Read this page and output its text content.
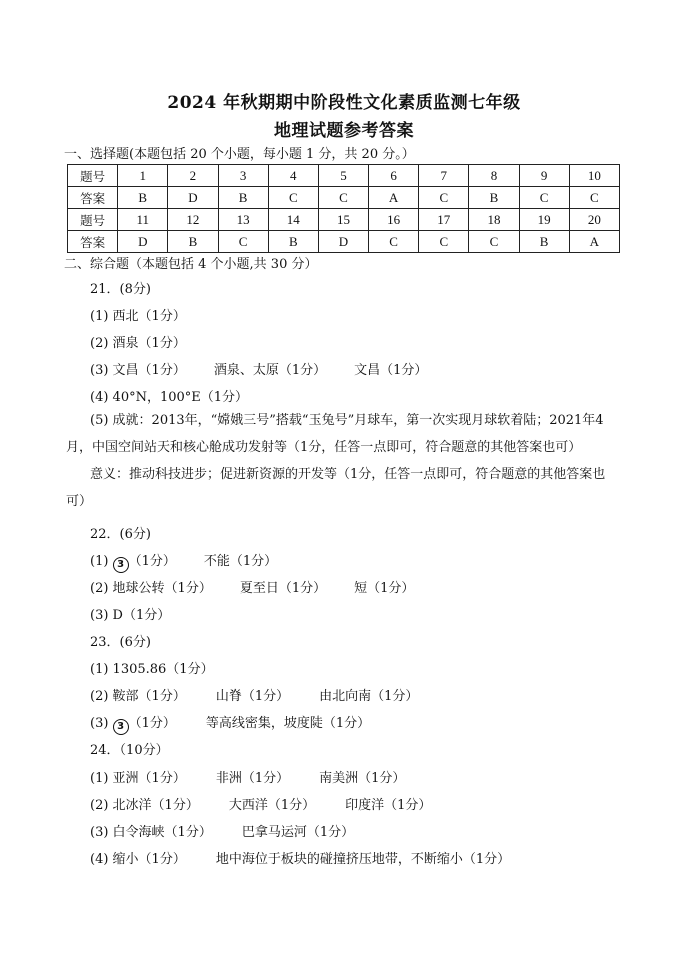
2024 年秋期期中阶段性文化素质监测七年级
地理试题参考答案
一、选择题(本题包括 20 个小题，每小题 1 分，共 20 分。）
题号	1	2	3	4	5	6	7	8	9	10
答案	B	D	B	C	C	A	C	B	C	C
题号	11	12	13	14	15	16	17	18	19	20
答案	D	B	C	B	D	C	C	C	B	A
二、综合题（本题包括 4 个小题,共 30 分）
21．(8分)
(1) 西北（1分）
(2) 酒泉（1分）
(3) 文昌（1分） 酒泉、太原（1分） 文昌（1分）
(4) 40°N，100°E（1分）
(5) 成就：2013年，“嫦娥三号”搭载“玉兔号”月球车，第一次实现月球软着陆；2021年4月，中国空间站天和核心舱成功发射等（1分，任答一点即可，符合题意的其他答案也可）
意义：推动科技进步；促进新资源的开发等（1分，任答一点即可，符合题意的其他答案也可）
22．(6分)
(1) 3 （1分） 不能（1分）
(2) 地球公转（1分） 夏至日（1分） 短（1分）
(3) D（1分）
23．(6分)
(1) 1305.86（1分）
(2) 鞍部（1分） 山脊（1分） 由北向南（1分）
(3) 3 （1分） 等高线密集，坡度陡（1分）
24．（10分）
(1) 亚洲（1分） 非洲（1分） 南美洲（1分）
(2) 北冰洋（1分） 大西洋（1分） 印度洋（1分）
(3) 白令海峡（1分） 巴拿马运河（1分）
(4) 缩小（1分） 地中海位于板块的碰撞挤压地带，不断缩小（1分）
